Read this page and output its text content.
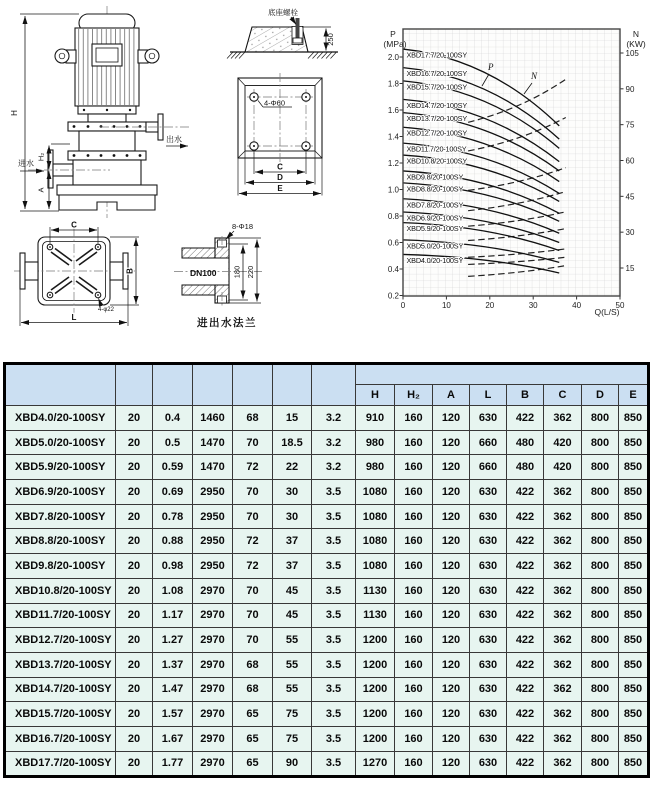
出水
进水
H
H₂
A
250
底座螺栓
4-Φ60
C
D
E
C
B
L
4-φ22
DN100
8-Φ18
180 220
进出水法兰
2.0
1.8
1.6
1.4
1.2
1.0
0.8
0.6
0.4
0.2
105
90
75
60
45
30
15
0	10	20	30	40	50
XBD17.7/20-100SY
XBD16.7/20-100SY
XBD15.7/20-100SY
XBD14.7/20-100SY
XBD13.7/20-100SY
XBD12.7/20-100SY
XBD11.7/20-100SY
XBD10.8/20-100SY
XBD9.8/20-100SY
XBD8.8/20-100SY
XBD7.8/20-100SY
XBD6.9/20-100SY
XBD5.9/20-100SY
XBD5.0/20-100SY
XBD4.0/20-100SY
P
N
P
(MPa)
N
(KW)
Q(L/S)

							H	H₂	A	L	B	C	D	E
XBD4.0/20-100SY	20	0.4	1460	68	15	3.2	910	160	120	630	422	362	800	850
XBD5.0/20-100SY	20	0.5	1470	70	18.5	3.2	980	160	120	660	480	420	800	850
XBD5.9/20-100SY	20	0.59	1470	72	22	3.2	980	160	120	660	480	420	800	850
XBD6.9/20-100SY	20	0.69	2950	70	30	3.5	1080	160	120	630	422	362	800	850
XBD7.8/20-100SY	20	0.78	2950	70	30	3.5	1080	160	120	630	422	362	800	850
XBD8.8/20-100SY	20	0.88	2950	72	37	3.5	1080	160	120	630	422	362	800	850
XBD9.8/20-100SY	20	0.98	2950	72	37	3.5	1080	160	120	630	422	362	800	850
XBD10.8/20-100SY	20	1.08	2970	70	45	3.5	1130	160	120	630	422	362	800	850
XBD11.7/20-100SY	20	1.17	2970	70	45	3.5	1130	160	120	630	422	362	800	850
XBD12.7/20-100SY	20	1.27	2970	70	55	3.5	1200	160	120	630	422	362	800	850
XBD13.7/20-100SY	20	1.37	2970	68	55	3.5	1200	160	120	630	422	362	800	850
XBD14.7/20-100SY	20	1.47	2970	68	55	3.5	1200	160	120	630	422	362	800	850
XBD15.7/20-100SY	20	1.57	2970	65	75	3.5	1200	160	120	630	422	362	800	850
XBD16.7/20-100SY	20	1.67	2970	65	75	3.5	1200	160	120	630	422	362	800	850
XBD17.7/20-100SY	20	1.77	2970	65	90	3.5	1270	160	120	630	422	362	800	850
